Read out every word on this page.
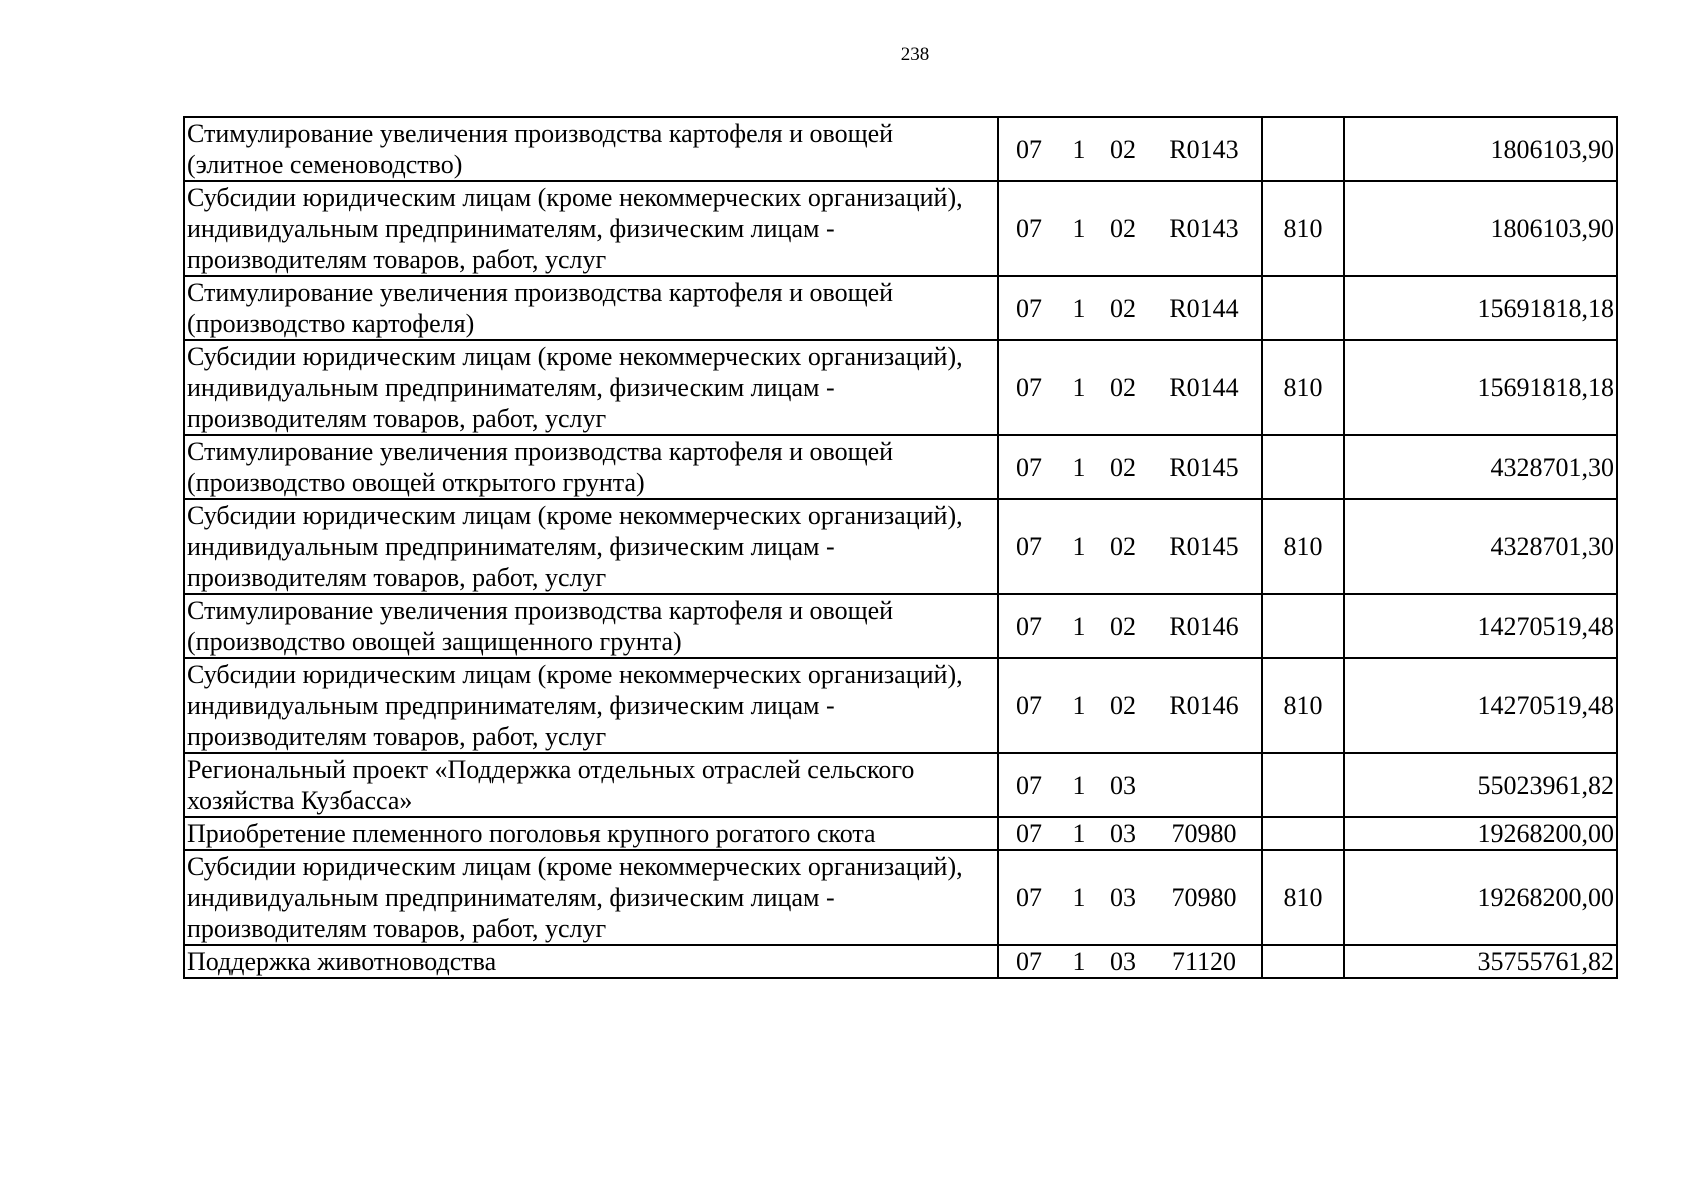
238
Стимулирование увеличения производства картофеля и овощей (элитное семеноводство)	07 1 02 R0143		1806103,90
Субсидии юридическим лицам (кроме некоммерческих организаций), индивидуальным предпринимателям, физическим лицам - производителям товаров, работ, услуг	07 1 02 R0143	810	1806103,90
Стимулирование увеличения производства картофеля и овощей (производство картофеля)	07 1 02 R0144		15691818,18
Субсидии юридическим лицам (кроме некоммерческих организаций), индивидуальным предпринимателям, физическим лицам - производителям товаров, работ, услуг	07 1 02 R0144	810	15691818,18
Стимулирование увеличения производства картофеля и овощей (производство овощей открытого грунта)	07 1 02 R0145		4328701,30
Субсидии юридическим лицам (кроме некоммерческих организаций), индивидуальным предпринимателям, физическим лицам - производителям товаров, работ, услуг	07 1 02 R0145	810	4328701,30
Стимулирование увеличения производства картофеля и овощей (производство овощей защищенного грунта)	07 1 02 R0146		14270519,48
Субсидии юридическим лицам (кроме некоммерческих организаций), индивидуальным предпринимателям, физическим лицам - производителям товаров, работ, услуг	07 1 02 R0146	810	14270519,48
Региональный проект «Поддержка отдельных отраслей сельского хозяйства Кузбасса»	07 1 03		55023961,82
Приобретение племенного поголовья крупного рогатого скота	07 1 03 70980		19268200,00
Субсидии юридическим лицам (кроме некоммерческих организаций), индивидуальным предпринимателям, физическим лицам - производителям товаров, работ, услуг	07 1 03 70980	810	19268200,00
Поддержка животноводства	07 1 03 71120		35755761,82
